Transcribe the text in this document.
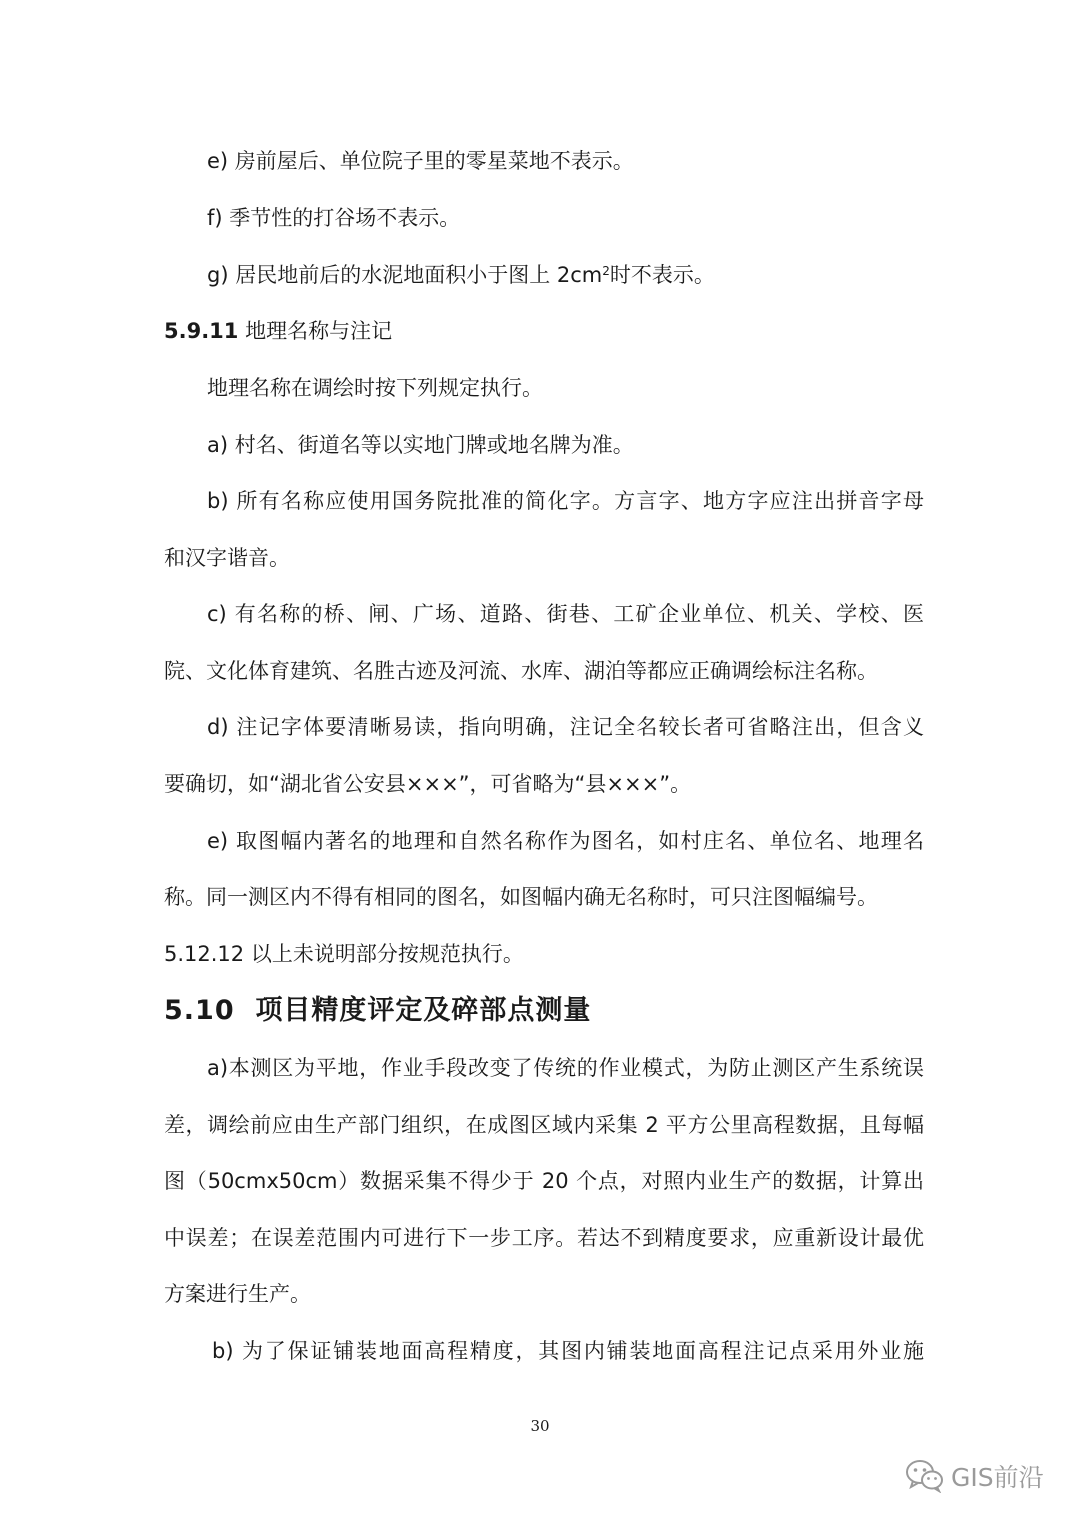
e) 房前屋后、单位院子里的零星菜地不表示。
f) 季节性的打谷场不表示。
g) 居民地前后的水泥地面积小于图上 $2cm^2$时不表示。
5.9.11 地理名称与注记
地理名称在调绘时按下列规定执行。
a) 村名、街道名等以实地门牌或地名牌为准。
b) 所有名称应使用国务院批准的简化字。方言字、地方字应注出拼音字母
和汉字谐音。
c) 有名称的桥、闸、广场、道路、街巷、工矿企业单位、机关、学校、医
院、文化体育建筑、名胜古迹及河流、水库、湖泊等都应正确调绘标注名称。
d) 注记字体要清晰易读，指向明确，注记全名较长者可省略注出，但含义
要确切，如“湖北省公安县×××”，可省略为“县×××”。
e) 取图幅内著名的地理和自然名称作为图名，如村庄名、单位名、地理名
称。同一测区内不得有相同的图名，如图幅内确无名称时，可只注图幅编号。
5.12.12 以上未说明部分按规范执行。
5.10 项目精度评定及碎部点测量
a)本测区为平地，作业手段改变了传统的作业模式，为防止测区产生系统误
差，调绘前应由生产部门组织，在成图区域内采集 2 平方公里高程数据，且每幅
图（50cmx50cm）数据采集不得少于 20 个点，对照内业生产的数据，计算出
中误差；在误差范围内可进行下一步工序。若达不到精度要求，应重新设计最优
方案进行生产。
b) 为了保证铺装地面高程精度，其图内铺装地面高程注记点采用外业施
30
GIS前沿
